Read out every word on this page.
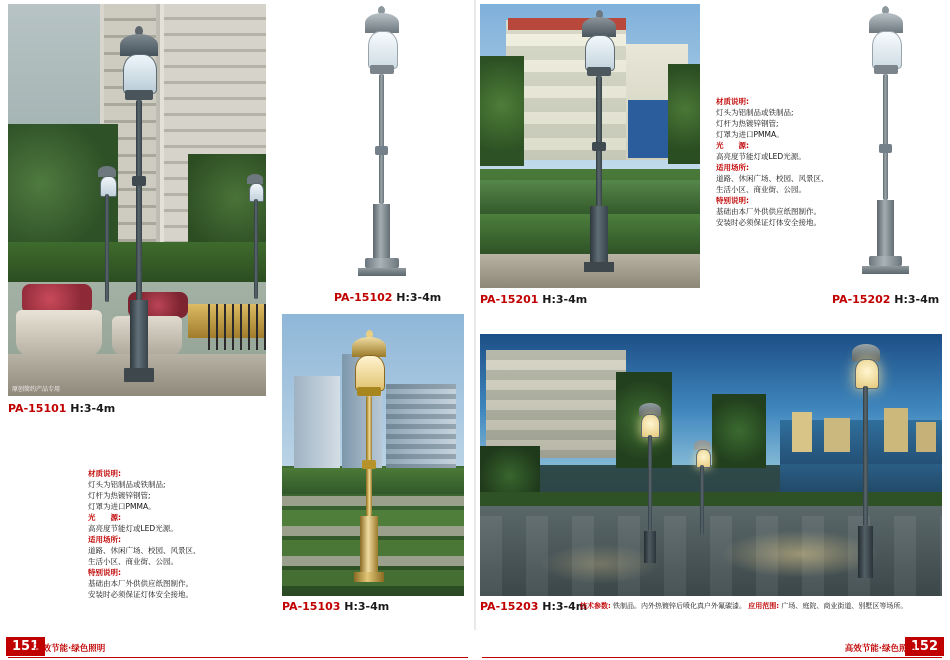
原创简约产品专用
PA-15101 H:3-4m
PA-15102 H:3-4m
PA-15103 H:3-4m
材质说明:
灯头为铝制品或铁制品;
灯杆为热镀锌钢管;
灯罩为进口PMMA。
光　　源:
高亮度节能灯或LED光源。
适用场所:
道路、休闲广场、校园、风景区、
生活小区、商业街、公园。
特别说明:
基础由本厂外供供应纸图制作。
安装时必须保证灯体安全接地。
PA-15201 H:3-4m	PA-15202 H:3-4m
材质说明:
灯头为铝制品或铁制品;
灯杆为热镀锌钢管;
灯罩为进口PMMA。
光　　源:
高亮度节能灯或LED光源。
适用场所:
道路、休闲广场、校园、风景区、
生活小区、商业街、公园。
特别说明:
基础由本厂外供供应纸图制作。
安装时必须保证灯体安全接地。
PA-15203 H:3-4m
技术参数: 铁制品。内外热镀锌后喷化真户外氟碳漆。 应用范围: 广场、庭院、商业街道、别墅区等场所。
151
高效节能·绿色照明	152
高效节能·绿色照明
